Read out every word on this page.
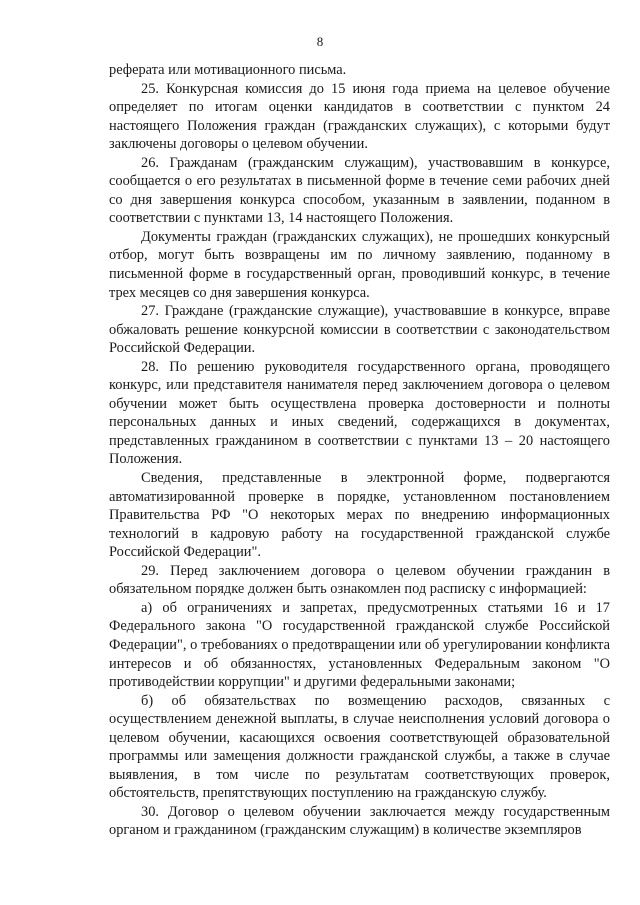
8

реферата или мотивационного письма.

25. Конкурсная комиссия до 15 июня года приема на целевое обучение определяет по итогам оценки кандидатов в соответствии с пунктом 24 настоящего Положения граждан (гражданских служащих), с которыми будут заключены договоры о целевом обучении.

26. Гражданам (гражданским служащим), участвовавшим в конкурсе, сообщается о его результатах в письменной форме в течение семи рабочих дней со дня завершения конкурса способом, указанным в заявлении, поданном в соответствии с пунктами 13, 14 настоящего Положения.

Документы граждан (гражданских служащих), не прошедших конкурсный отбор, могут быть возвращены им по личному заявлению, поданному в письменной форме в государственный орган, проводивший конкурс, в течение трех месяцев со дня завершения конкурса.

27. Граждане (гражданские служащие), участвовавшие в конкурсе, вправе обжаловать решение конкурсной комиссии в соответствии с законодательством Российской Федерации.

28. По решению руководителя государственного органа, проводящего конкурс, или представителя нанимателя перед заключением договора о целевом обучении может быть осуществлена проверка достоверности и полноты персональных данных и иных сведений, содержащихся в документах, представленных гражданином в соответствии с пунктами 13 – 20 настоящего Положения.

Сведения, представленные в электронной форме, подвергаются автоматизированной проверке в порядке, установленном постановлением Правительства РФ "О некоторых мерах по внедрению информационных технологий в кадровую работу на государственной гражданской службе Российской Федерации".

29. Перед заключением договора о целевом обучении гражданин в обязательном порядке должен быть ознакомлен под расписку с информацией:

а) об ограничениях и запретах, предусмотренных статьями 16 и 17 Федерального закона "О государственной гражданской службе Российской Федерации", о требованиях о предотвращении или об урегулировании конфликта интересов и об обязанностях, установленных Федеральным законом "О противодействии коррупции" и другими федеральными законами;

б) об обязательствах по возмещению расходов, связанных с осуществлением денежной выплаты, в случае неисполнения условий договора о целевом обучении, касающихся освоения соответствующей образовательной программы или замещения должности гражданской службы, а также в случае выявления, в том числе по результатам соответствующих проверок, обстоятельств, препятствующих поступлению на гражданскую службу.

30. Договор о целевом обучении заключается между государственным органом и гражданином (гражданским служащим) в количестве экземпляров
